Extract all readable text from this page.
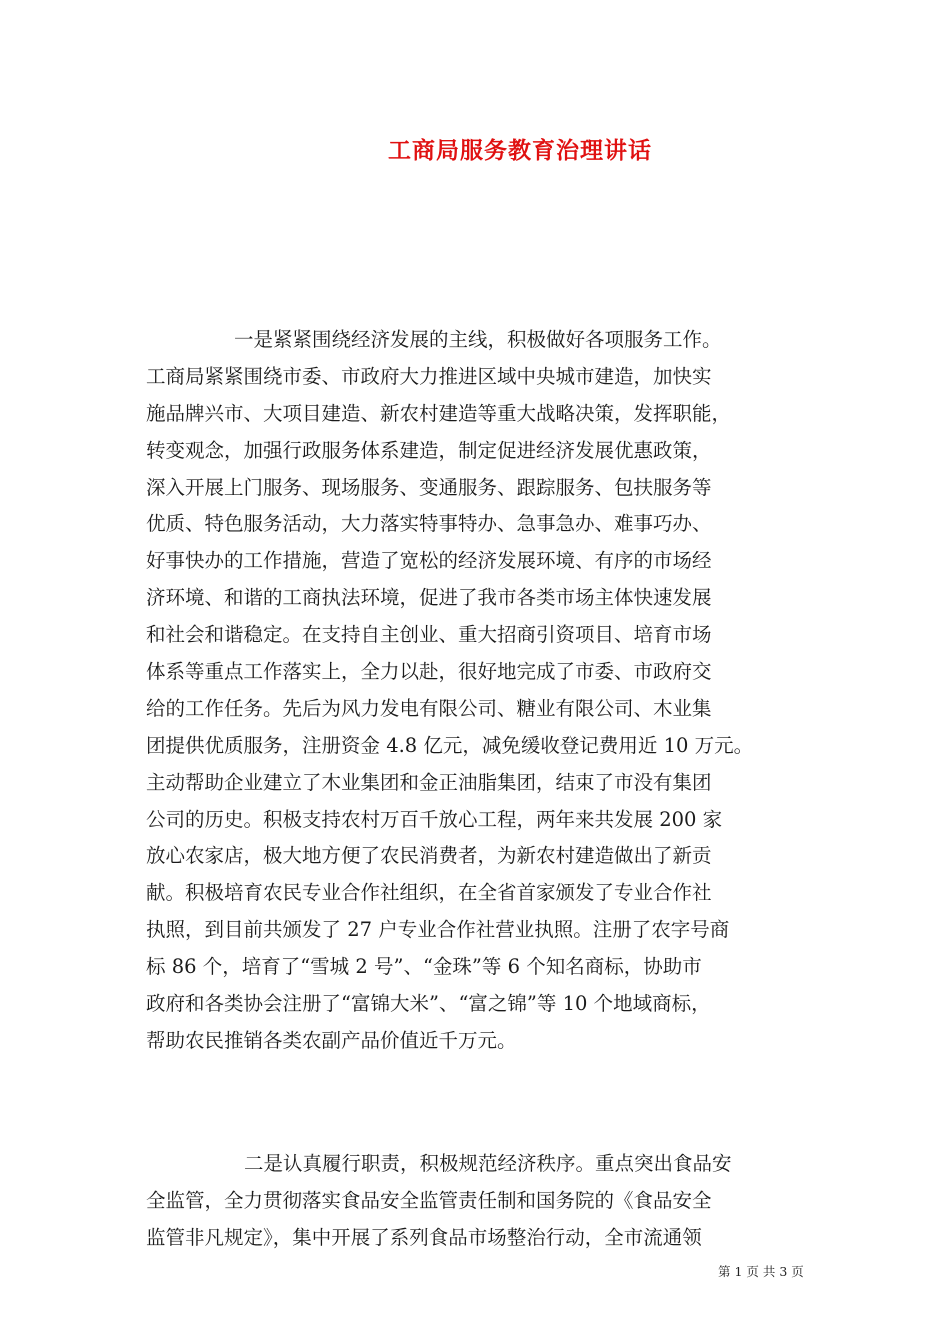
工商局服务教育治理讲话
一是紧紧围绕经济发展的主线，积极做好各项服务工作。
工商局紧紧围绕市委、市政府大力推进区域中央城市建造，加快实
施品牌兴市、大项目建造、新农村建造等重大战略决策，发挥职能，
转变观念，加强行政服务体系建造，制定促进经济发展优惠政策，
深入开展上门服务、现场服务、变通服务、跟踪服务、包扶服务等
优质、特色服务活动，大力落实特事特办、急事急办、难事巧办、
好事快办的工作措施，营造了宽松的经济发展环境、有序的市场经
济环境、和谐的工商执法环境，促进了我市各类市场主体快速发展
和社会和谐稳定。在支持自主创业、重大招商引资项目、培育市场
体系等重点工作落实上，全力以赴，很好地完成了市委、市政府交
给的工作任务。先后为风力发电有限公司、糖业有限公司、木业集
团提供优质服务，注册资金 4.8 亿元，减免缓收登记费用近 10 万元。
主动帮助企业建立了木业集团和金正油脂集团，结束了市没有集团
公司的历史。积极支持农村万百千放心工程，两年来共发展 200 家
放心农家店，极大地方便了农民消费者，为新农村建造做出了新贡
献。积极培育农民专业合作社组织，在全省首家颁发了专业合作社
执照，到目前共颁发了 27 户专业合作社营业执照。注册了农字号商
标 86 个，培育了“雪城 2 号”、“金珠”等 6 个知名商标，协助市
政府和各类协会注册了“富锦大米”、“富之锦”等 10 个地域商标，
帮助农民推销各类农副产品价值近千万元。
二是认真履行职责，积极规范经济秩序。重点突出食品安
全监管，全力贯彻落实食品安全监管责任制和国务院的《食品安全
监管非凡规定》，集中开展了系列食品市场整治行动，全市流通领
第 1 页 共 3 页
